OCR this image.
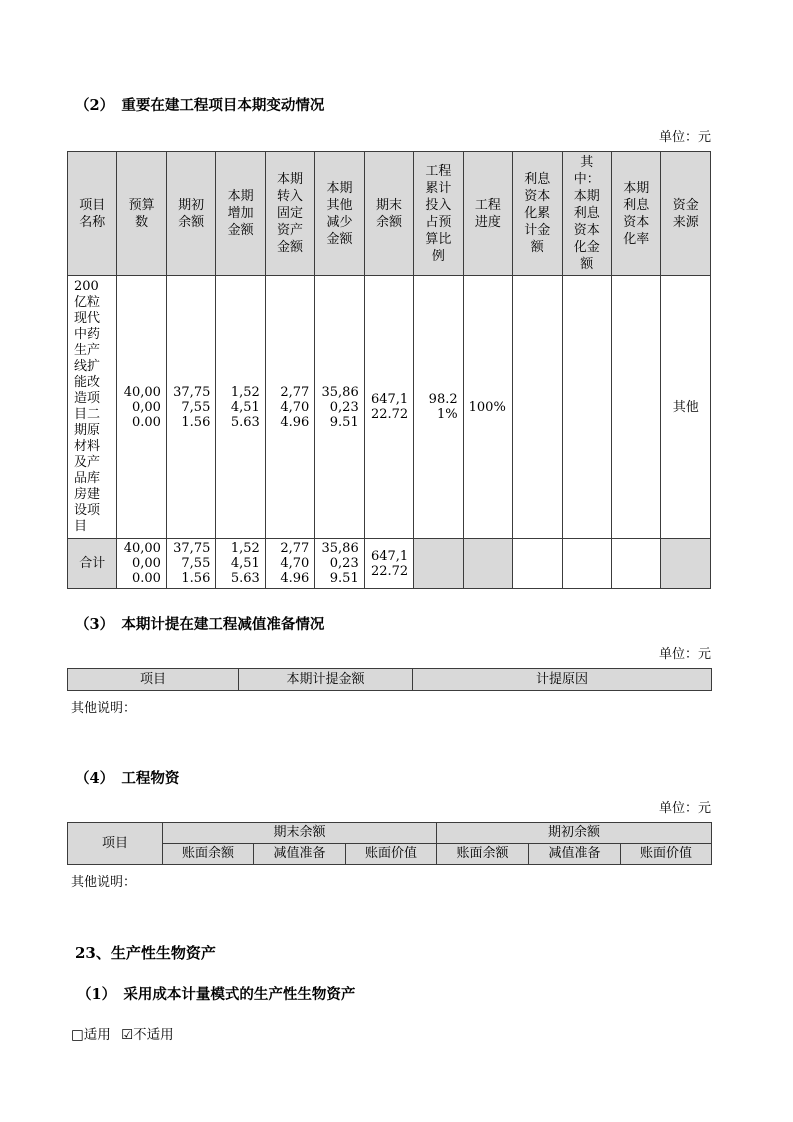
（2）　重要在建工程项目本期变动情况
单位：元
项目名称	预算数	期初余额	本期增加金额	本期转入固定资产金额	本期其他减少金额	期末余额	工程累计投入占预算比例	工程进度	利息资本化累计金额	其中：本期利息资本化金额	本期利息资本化率	资金来源
200 亿粒现代中药生产线扩能改造项目二期原材料及产品库房建设项目	40,000,000.00	37,757,551.56	1,524,515.63	2,774,704.96	35,860,239.51	647,122.72	98.21%	100%				其他
合计	40,000,000.00	37,757,551.56	1,524,515.63	2,774,704.96	35,860,239.51	647,122.72						
（3）　本期计提在建工程减值准备情况
单位：元
项目	本期计提金额	计提原因
其他说明：
（4）　工程物资
单位：元
项目	期末余额			期初余额		
	账面余额	减值准备	账面价值	账面余额	减值准备	账面价值
其他说明：
23、生产性生物资产
（1）　采用成本计量模式的生产性生物资产
□适用 ☑不适用
